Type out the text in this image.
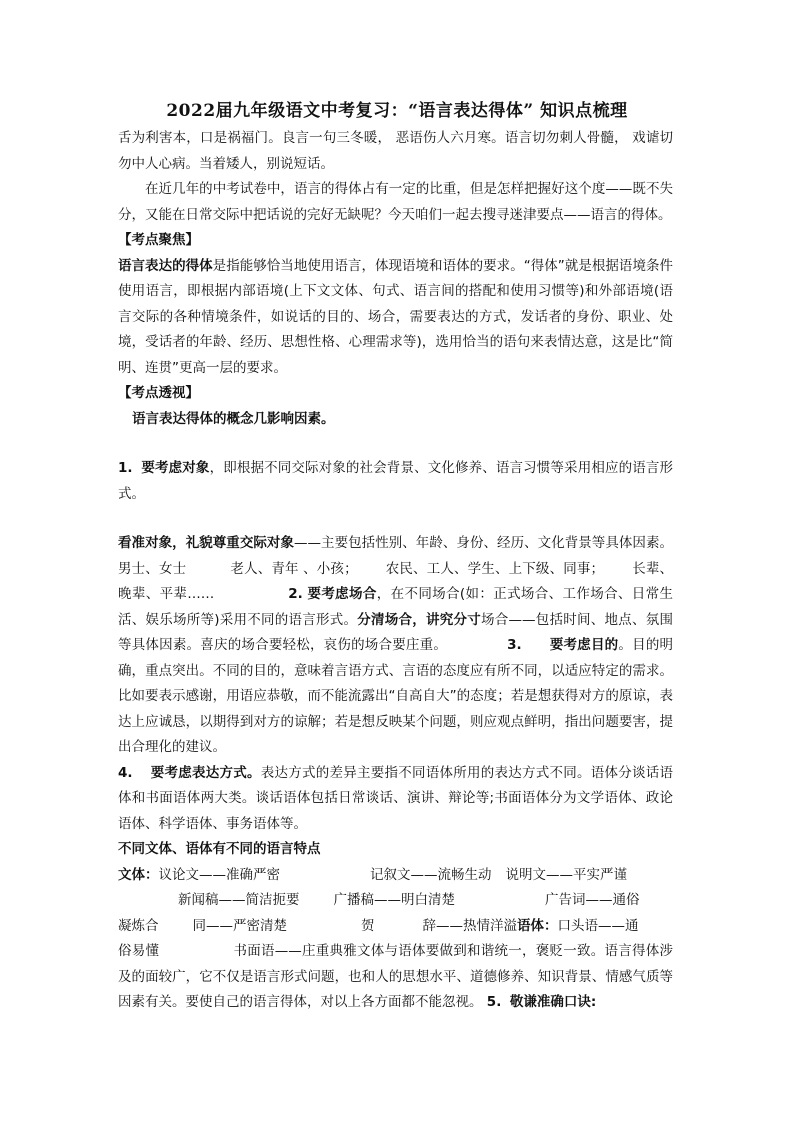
2022届九年级语文中考复习：“语言表达得体” 知识点梳理

舌为利害本，口是祸福门。良言一句三冬暖， 恶语伤人六月寒。语言切勿刺人骨髓， 戏谑切勿中人心病。当着矮人，别说短话。

在近几年的中考试卷中，语言的得体占有一定的比重，但是怎样把握好这个度——既不失分，又能在日常交际中把话说的完好无缺呢？今天咱们一起去搜寻迷津要点——语言的得体。

【考点聚焦】

语言表达的得体是指能够恰当地使用语言，体现语境和语体的要求。“得体”就是根据语境条件使用语言，即根据内部语境(上下文文体、句式、语言间的搭配和使用习惯等)和外部语境(语言交际的各种情境条件，如说话的目的、场合，需要表达的方式，发话者的身份、职业、处境，受话者的年龄、经历、思想性格、心理需求等)，选用恰当的语句来表情达意，这是比“简明、连贯”更高一层的要求。

【考点透视】

语言表达得体的概念几影响因素。

1. 要考虑对象，即根据不同交际对象的社会背景、文化修养、语言习惯等采用相应的语言形式。

看准对象，礼貌尊重交际对象——主要包括性别、年龄、身份、经历、文化背景等具体因素。男士、女士	老人、青年 、小孩； 农民、工人、学生、上下级、同事； 长辈、晚辈、平辈……	2. 要考虑场合，在不同场合(如：正式场合、工作场合、日常生活、娱乐场所等)采用不同的语言形式。分清场合，讲究分寸场合——包括时间、地点、氛围等具体因素。喜庆的场合要轻松，哀伤的场合要庄重。	3. 要考虑目的。目的明确，重点突出。不同的目的，意味着言语方式、言语的态度应有所不同，以适应特定的需求。比如要表示感谢，用语应恭敬，而不能流露出“自高自大”的态度；若是想获得对方的原谅，表达上应诚恳，以期得到对方的谅解；若是想反映某个问题，则应观点鲜明，指出问题要害，提出合理化的建议。

4. 要考虑表达方式。表达方式的差异主要指不同语体所用的表达方式不同。语体分谈话语体和书面语体两大类。谈话语体包括日常谈话、演讲、辩论等;书面语体分为文学语体、政论语体、科学语体、事务语体等。

不同文体、语体有不同的语言特点

文体：议论文——准确严密	记叙文——流畅生动 说明文——平实严谨
新闻稿——简洁扼要	广播稿——明白清楚	广告词——通俗
凝炼合	同——严密清楚	贺	辞——热情洋溢语体：口头语——通
俗易懂	书面语——庄重典雅文体与语体要做到和谐统一，褒贬一致。语言得体涉及的面较广，它不仅是语言形式问题，也和人的思想水平、道德修养、知识背景、情感气质等因素有关。要使自己的语言得体，对以上各方面都不能忽视。 5. 敬谦准确口诀:
